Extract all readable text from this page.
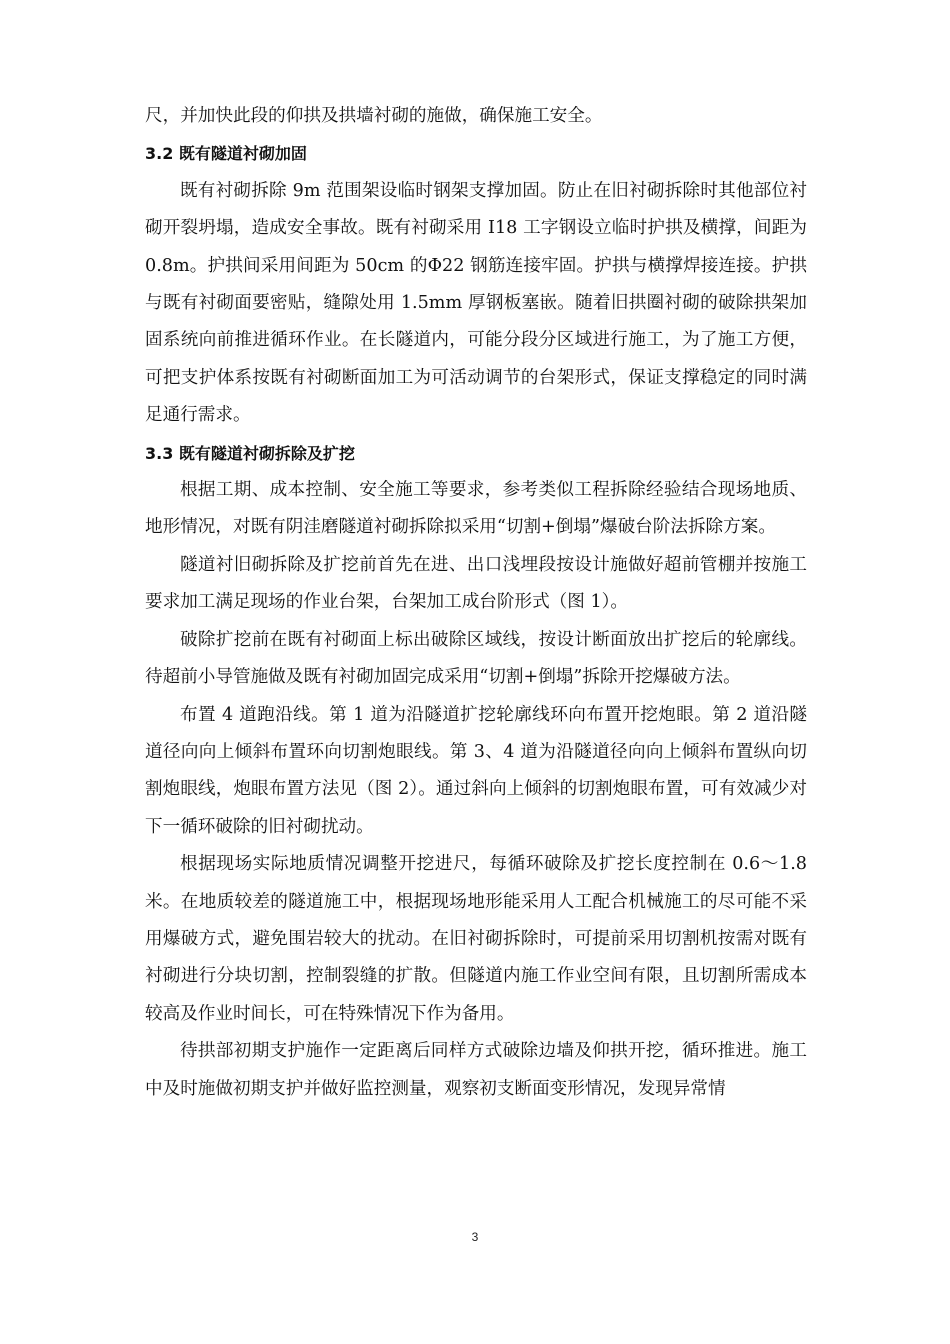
尺，并加快此段的仰拱及拱墙衬砌的施做，确保施工安全。

3.2 既有隧道衬砌加固

既有衬砌拆除 9m 范围架设临时钢架支撑加固。防止在旧衬砌拆除时其他部位衬砌开裂坍塌，造成安全事故。既有衬砌采用 I18 工字钢设立临时护拱及横撑，间距为 0.8m。护拱间采用间距为 50cm 的Φ22 钢筋连接牢固。护拱与横撑焊接连接。护拱与既有衬砌面要密贴，缝隙处用 1.5mm 厚钢板塞嵌。随着旧拱圈衬砌的破除拱架加固系统向前推进循环作业。在长隧道内，可能分段分区域进行施工，为了施工方便，可把支护体系按既有衬砌断面加工为可活动调节的台架形式，保证支撑稳定的同时满足通行需求。

3.3 既有隧道衬砌拆除及扩挖

根据工期、成本控制、安全施工等要求，参考类似工程拆除经验结合现场地质、地形情况，对既有阴洼磨隧道衬砌拆除拟采用“切割+倒塌”爆破台阶法拆除方案。

隧道衬旧砌拆除及扩挖前首先在进、出口浅埋段按设计施做好超前管棚并按施工要求加工满足现场的作业台架，台架加工成台阶形式（图 1）。

破除扩挖前在既有衬砌面上标出破除区域线，按设计断面放出扩挖后的轮廓线。待超前小导管施做及既有衬砌加固完成采用“切割+倒塌”拆除开挖爆破方法。

布置 4 道跑沿线。第 1 道为沿隧道扩挖轮廓线环向布置开挖炮眼。第 2 道沿隧道径向向上倾斜布置环向切割炮眼线。第 3、4 道为沿隧道径向向上倾斜布置纵向切割炮眼线，炮眼布置方法见（图 2）。通过斜向上倾斜的切割炮眼布置，可有效减少对下一循环破除的旧衬砌扰动。

根据现场实际地质情况调整开挖进尺，每循环破除及扩挖长度控制在 0.6～1.8 米。在地质较差的隧道施工中，根据现场地形能采用人工配合机械施工的尽可能不采用爆破方式，避免围岩较大的扰动。在旧衬砌拆除时，可提前采用切割机按需对既有衬砌进行分块切割，控制裂缝的扩散。但隧道内施工作业空间有限，且切割所需成本较高及作业时间长，可在特殊情况下作为备用。

待拱部初期支护施作一定距离后同样方式破除边墙及仰拱开挖，循环推进。施工中及时施做初期支护并做好监控测量，观察初支断面变形情况，发现异常情

3
